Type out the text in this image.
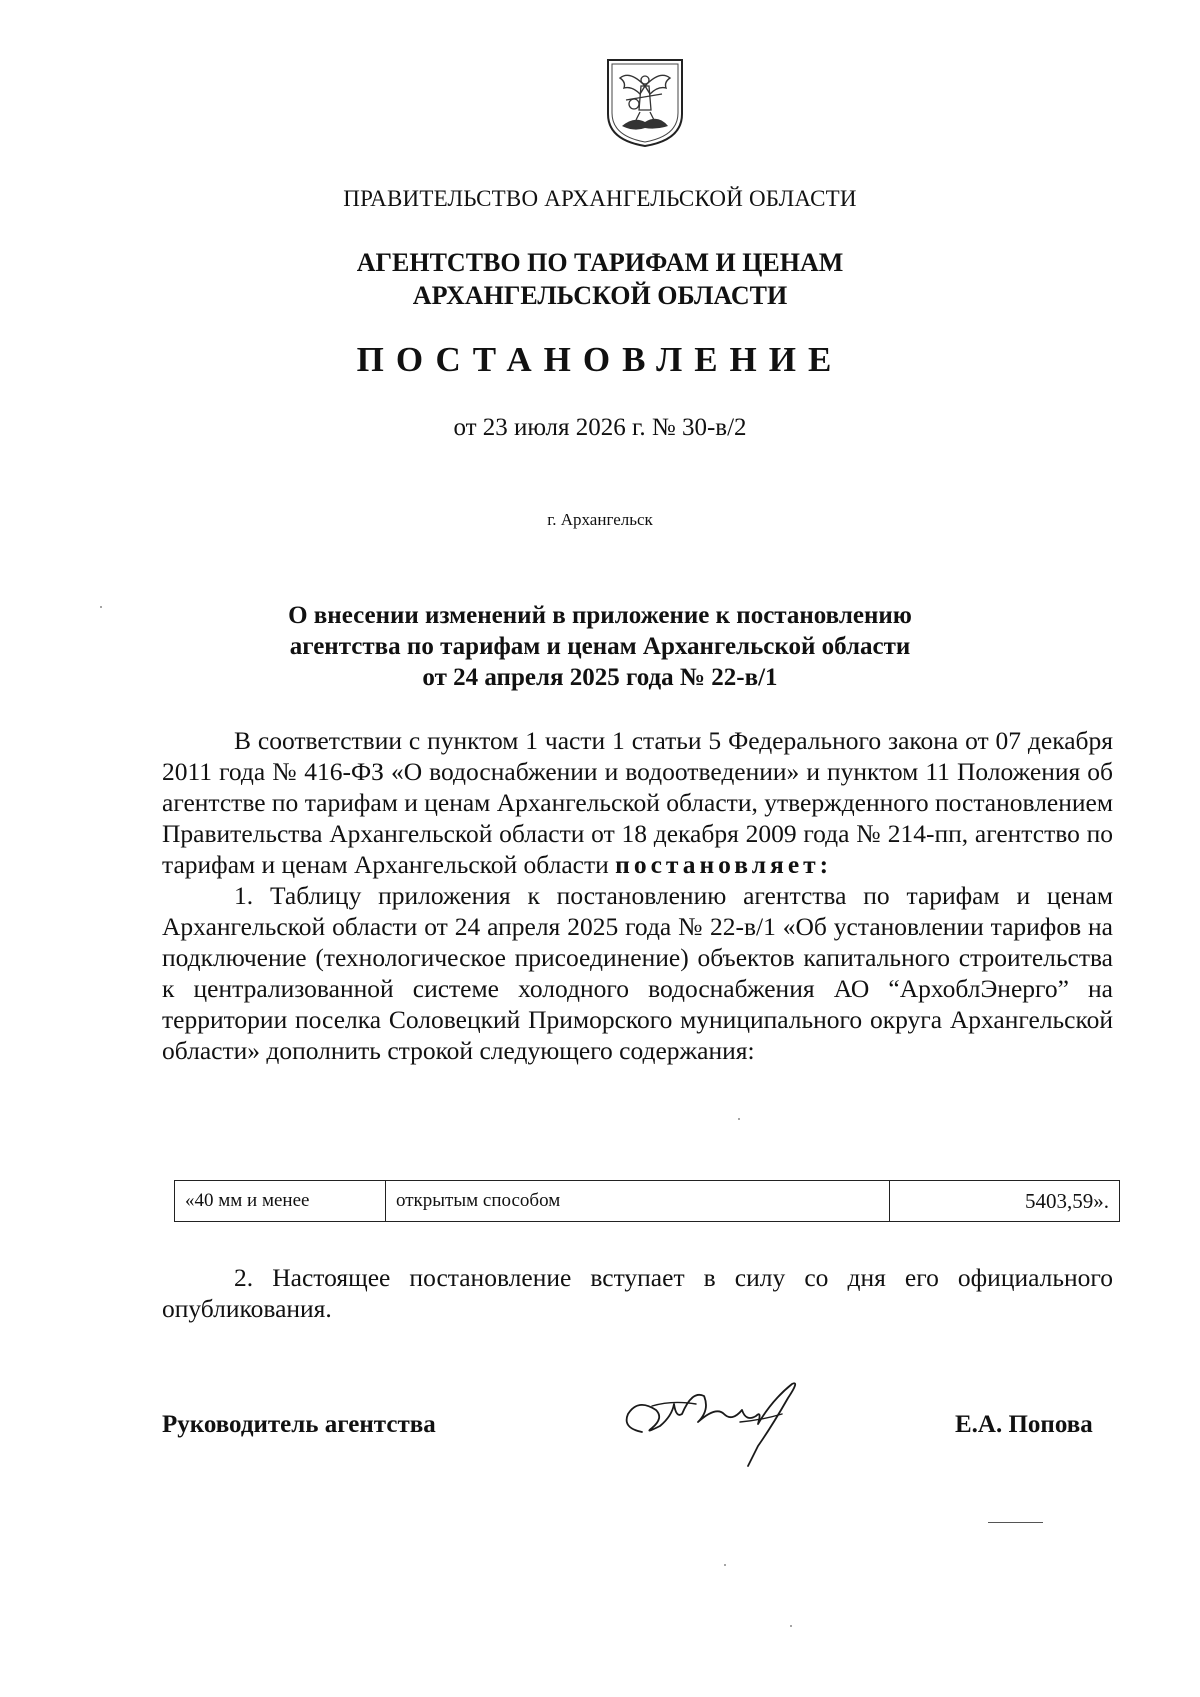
ПРАВИТЕЛЬСТВО АРХАНГЕЛЬСКОЙ ОБЛАСТИ
АГЕНТСТВО ПО ТАРИФАМ И ЦЕНАМ
АРХАНГЕЛЬСКОЙ ОБЛАСТИ
ПОСТАНОВЛЕНИЕ
от 23 июля 2026 г. № 30-в/2
г. Архангельск
О внесении изменений в приложение к постановлению
агентства по тарифам и ценам Архангельской области
от 24 апреля 2025 года № 22-в/1

В соответствии с пунктом 1 части 1 статьи 5 Федерального закона от 07 декабря 2011 года № 416-ФЗ «О водоснабжении и водоотведении» и пунктом 11 Положения об агентстве по тарифам и ценам Архангельской области, утвержденного постановлением Правительства Архангельской области от 18 декабря 2009 года № 214-пп, агентство по тарифам и ценам Архангельской области постановляет:

1. Таблицу приложения к постановлению агентства по тарифам и ценам Архангельской области от 24 апреля 2025 года № 22-в/1 «Об установлении тарифов на подключение (технологическое присоединение) объектов капитального строительства к централизованной системе холодного водоснабжения АО “АрхоблЭнерго” на территории поселка Соловецкий Приморского муниципального округа Архангельской области» дополнить строкой следующего содержания:

«40 мм и менее	открытым способом	5403,59».

2. Настоящее постановление вступает в силу со дня его официального опубликования.

Руководитель агентства	Е.А. Попова
